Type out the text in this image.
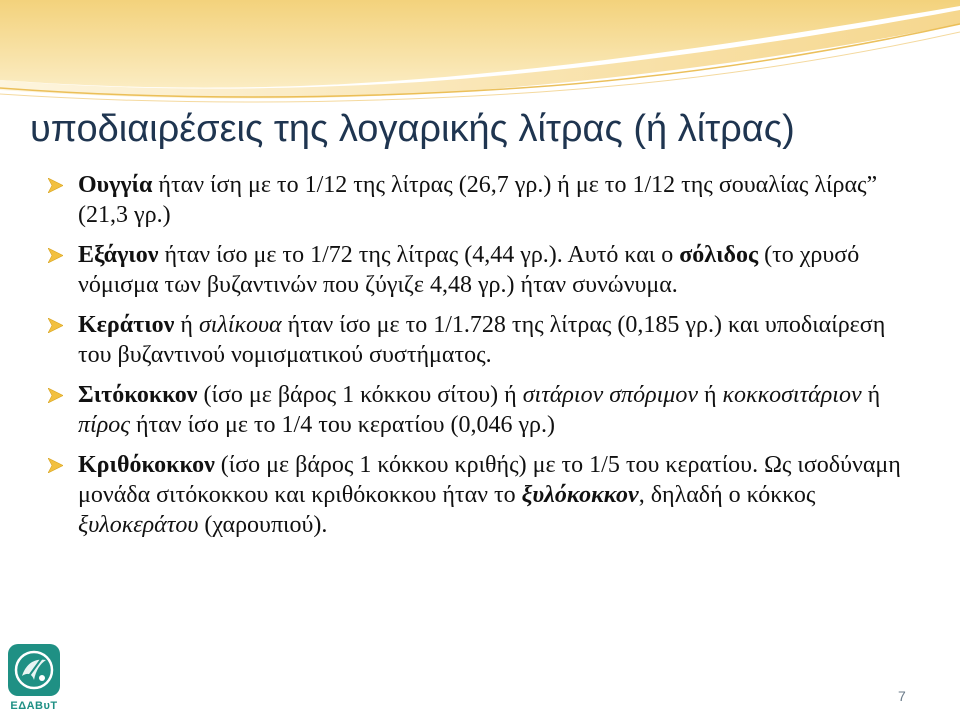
υποδιαιρέσεις της λογαρικής λίτρας (ή λίτρας)
Ουγγία ήταν ίση με το 1/12 της λίτρας (26,7 γρ.) ή με το 1/12 της σουαλίας λίρας” (21,3 γρ.)
Εξάγιον ήταν ίσο με το 1/72 της λίτρας (4,44 γρ.). Αυτό και ο σόλιδος (το χρυσό νόμισμα των βυζαντινών που ζύγιζε 4,48 γρ.) ήταν συνώνυμα.
Κεράτιον ή σιλίκουα ήταν ίσο με το 1/1.728 της λίτρας (0,185 γρ.) και υποδιαίρεση του βυζαντινού νομισματικού συστήματος.
Σιτόκοκκον (ίσο με βάρος 1 κόκκου σίτου) ή σιτάριον σπόριμον ή κοκκοσιτάριον ή πίρος ήταν ίσο με το 1/4 του κερατίου (0,046 γρ.)
Κριθόκοκκον (ίσο με βάρος 1 κόκκου κριθής) με το 1/5 του κερατίου. Ως ισοδύναμη μονάδα σιτόκοκκου και κριθόκοκκου ήταν το ξυλόκοκκον, δηλαδή ο κόκκος ξυλοκεράτου (χαρουπιού).
ΕΔΑΒυΤ
7
